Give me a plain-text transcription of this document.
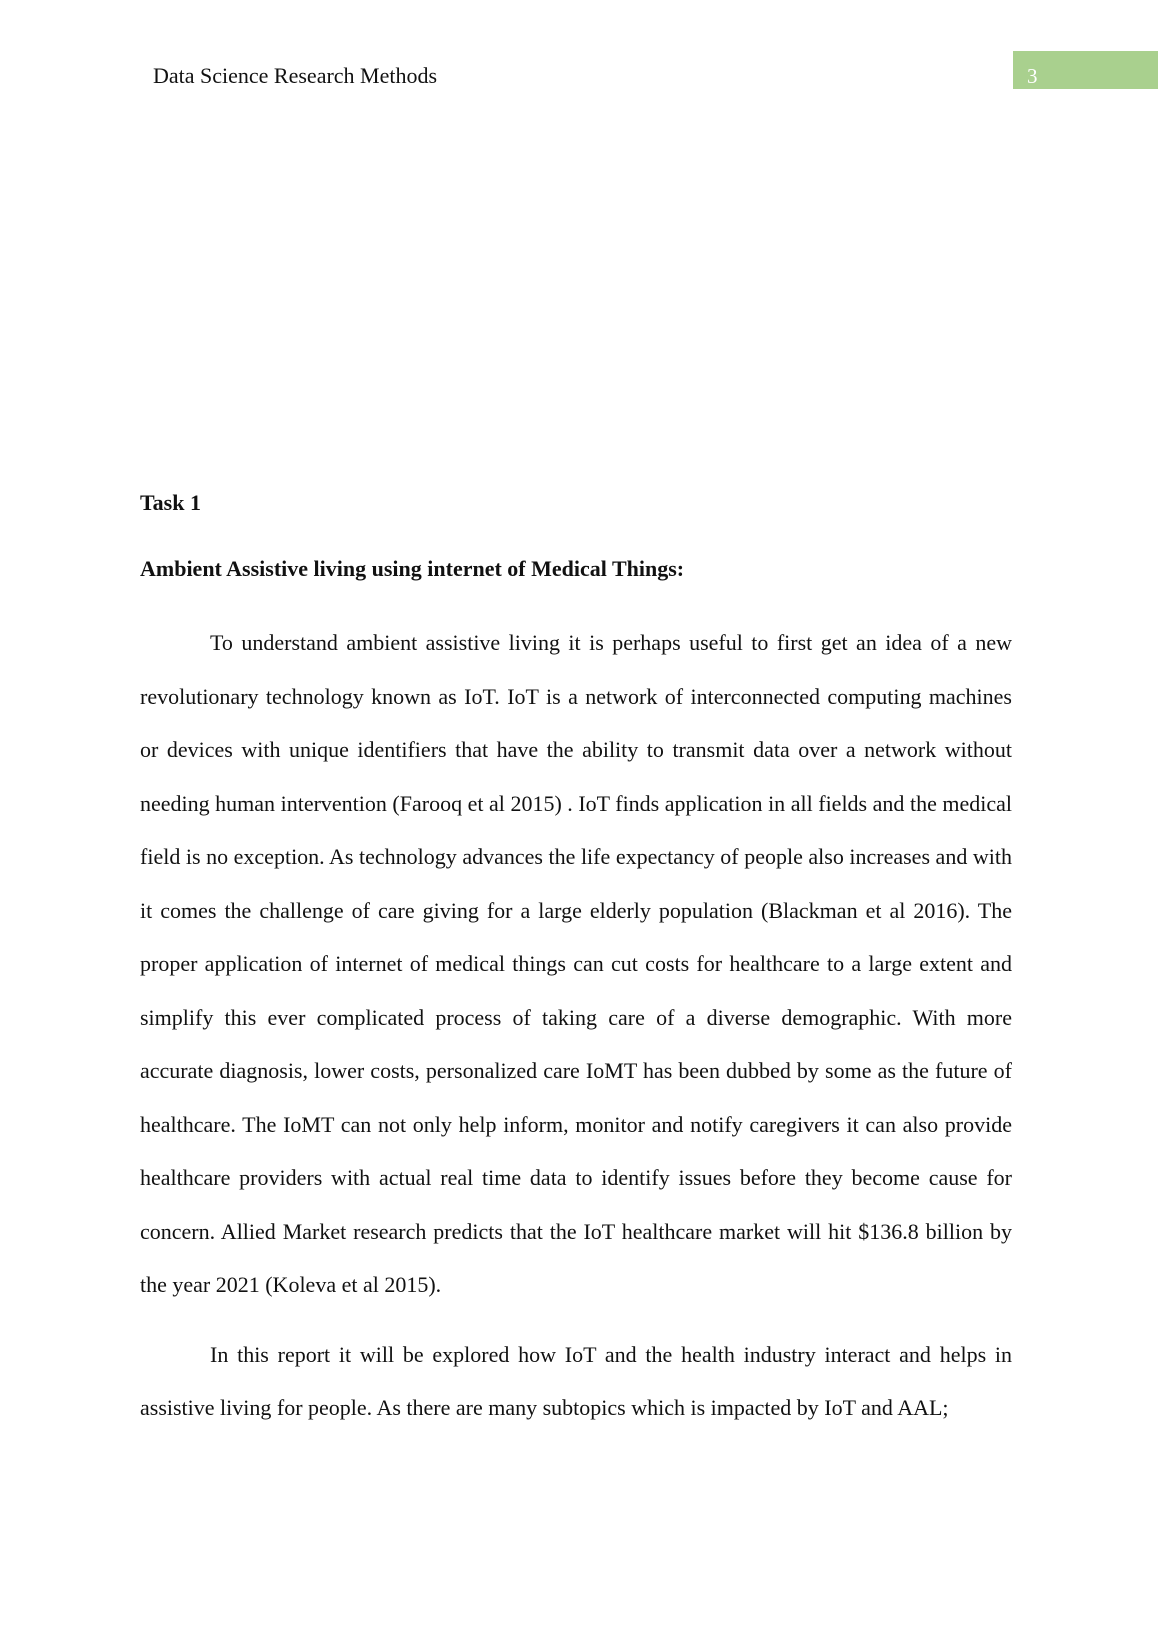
Data Science Research Methods	3

Task 1

Ambient Assistive living using internet of Medical Things:

To understand ambient assistive living it is perhaps useful to first get an idea of a new revolutionary technology known as IoT. IoT is a network of interconnected computing machines or devices with unique identifiers that have the ability to transmit data over a network without needing human intervention (Farooq et al 2015) . IoT finds application in all fields and the medical field is no exception. As technology advances the life expectancy of people also increases and with it comes the challenge of care giving for a large elderly population (Blackman et al 2016). The proper application of internet of medical things can cut costs for healthcare to a large extent and simplify this ever complicated process of taking care of a diverse demographic. With more accurate diagnosis, lower costs, personalized care IoMT has been dubbed by some as the future of healthcare. The IoMT can not only help inform, monitor and notify caregivers it can also provide healthcare providers with actual real time data to identify issues before they become cause for concern. Allied Market research predicts that the IoT healthcare market will hit $136.8 billion by the year 2021 (Koleva et al 2015).

In this report it will be explored how IoT and the health industry interact and helps in assistive living for people. As there are many subtopics which is impacted by IoT and AAL;
